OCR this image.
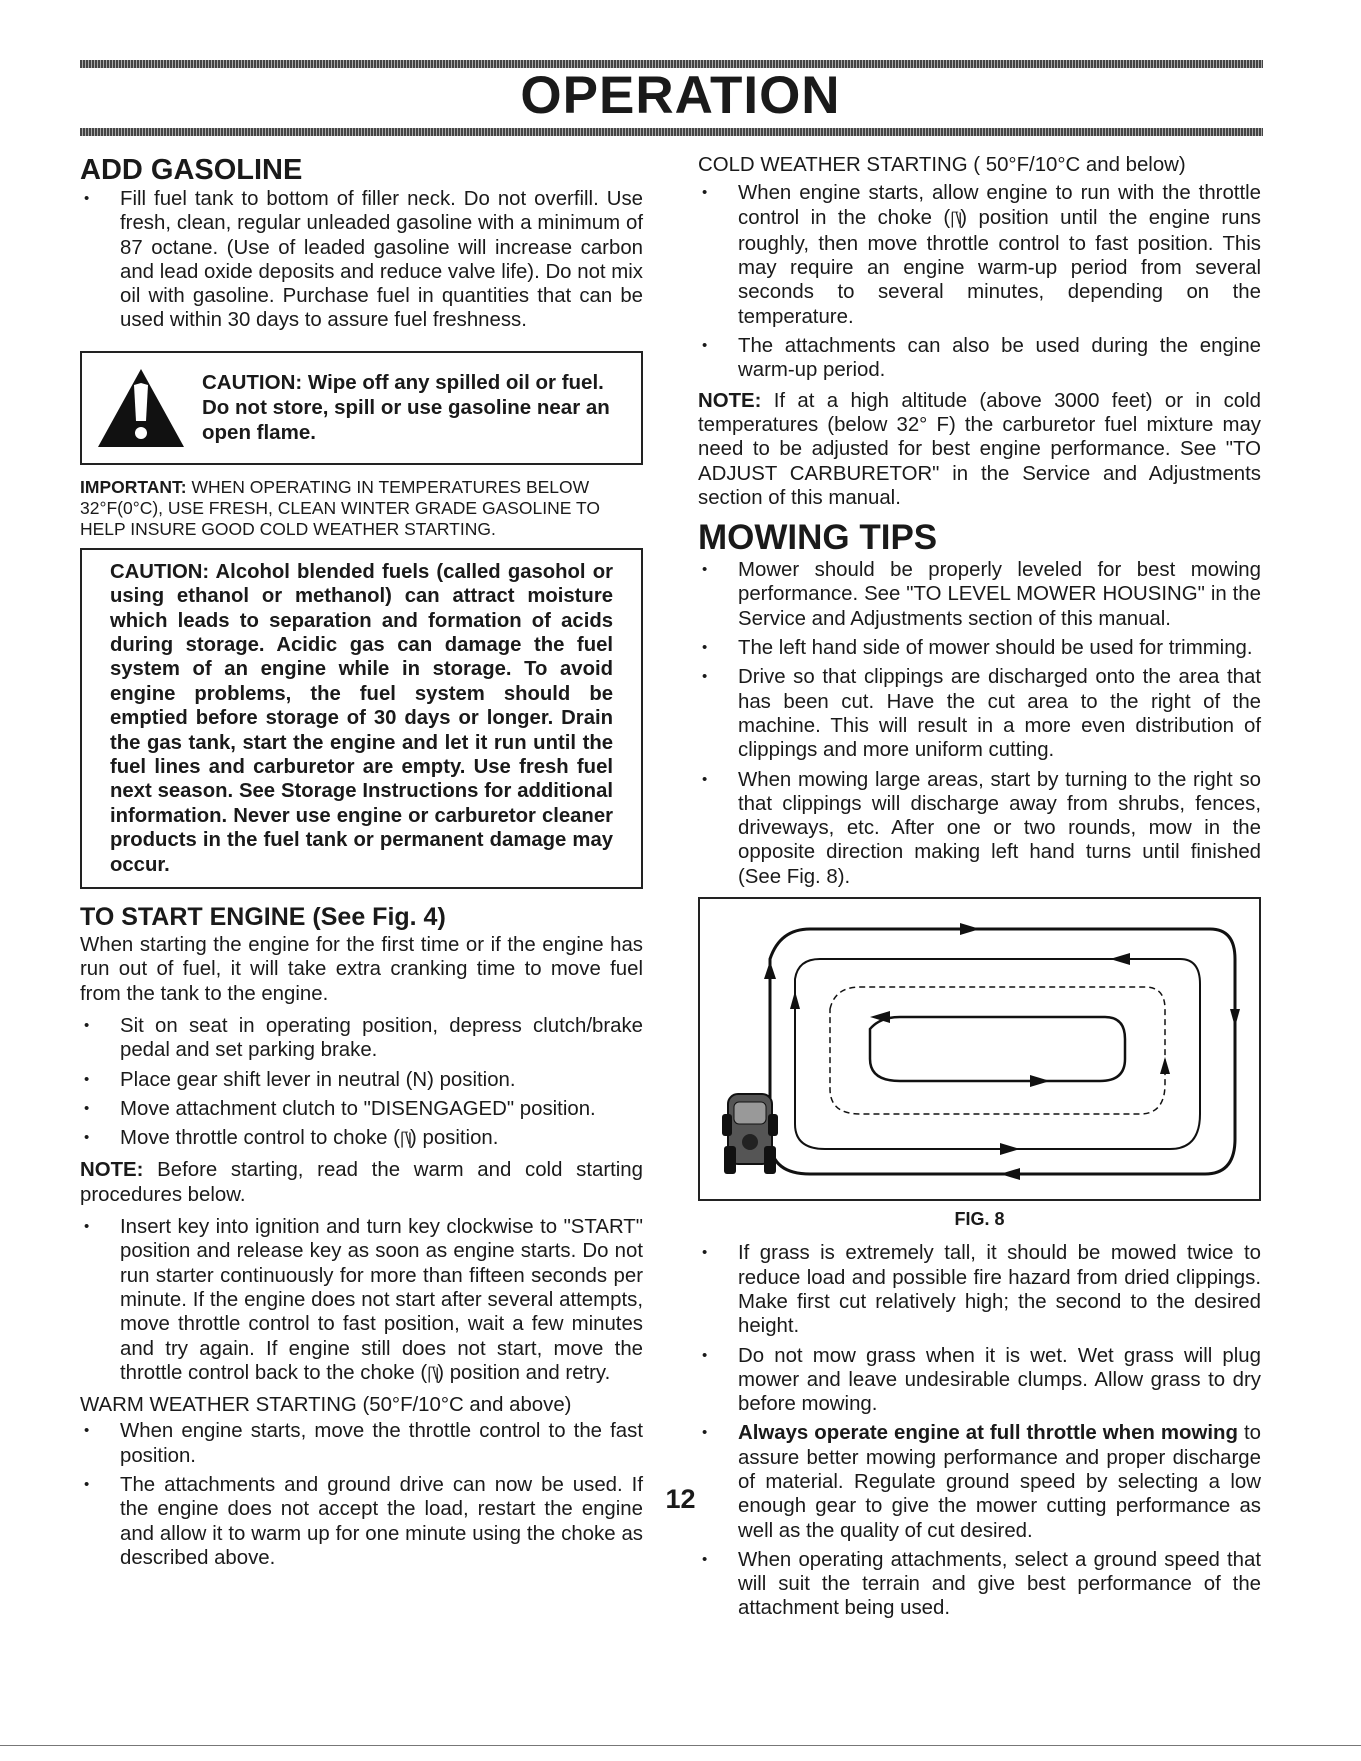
OPERATION
ADD GASOLINE
• Fill fuel tank to bottom of filler neck. Do not overfill. Use fresh, clean, regular unleaded gasoline with a minimum of 87 octane. (Use of leaded gasoline will increase carbon and lead oxide deposits and reduce valve life). Do not mix oil with gasoline. Purchase fuel in quantities that can be used within 30 days to assure fuel freshness.
CAUTION: Wipe off any spilled oil or fuel. Do not store, spill or use gasoline near an open flame.

IMPORTANT: WHEN OPERATING IN TEMPERATURES BELOW 32°F(0°C), USE FRESH, CLEAN WINTER GRADE GASOLINE TO HELP INSURE GOOD COLD WEATHER STARTING.

CAUTION: Alcohol blended fuels (called gasohol or using ethanol or methanol) can attract moisture which leads to separation and formation of acids during storage. Acidic gas can damage the fuel system of an engine while in storage. To avoid engine problems, the fuel system should be emptied before storage of 30 days or longer. Drain the gas tank, start the engine and let it run until the fuel lines and carburetor are empty. Use fresh fuel next season. See Storage Instructions for additional information. Never use engine or carburetor cleaner products in the fuel tank or permanent damage may occur.
TO START ENGINE (See Fig. 4)

When starting the engine for the first time or if the engine has run out of fuel, it will take extra cranking time to move fuel from the tank to the engine.

• Sit on seat in operating position, depress clutch/brake pedal and set parking brake.
• Place gear shift lever in neutral (N) position.
• Move attachment clutch to "DISENGAGED" position.
• Move throttle control to choke (|‾\|) position.

NOTE: Before starting, read the warm and cold starting procedures below.

• Insert key into ignition and turn key clockwise to "START" position and release key as soon as engine starts. Do not run starter continuously for more than fifteen seconds per minute. If the engine does not start after several attempts, move throttle control to fast position, wait a few minutes and try again. If engine still does not start, move the throttle control back to the choke (|‾\|) position and retry.

WARM WEATHER STARTING (50°F/10°C and above)

• When engine starts, move the throttle control to the fast position.
• The attachments and ground drive can now be used. If the engine does not accept the load, restart the engine and allow it to warm up for one minute using the choke as described above.

COLD WEATHER STARTING ( 50°F/10°C and below)

• When engine starts, allow engine to run with the throttle control in the choke (|‾\|) position until the engine runs roughly, then move throttle control to fast position. This may require an engine warm-up period from several seconds to several minutes, depending on the temperature.
• The attachments can also be used during the engine warm-up period.

NOTE: If at a high altitude (above 3000 feet) or in cold temperatures (below 32° F) the carburetor fuel mixture may need to be adjusted for best engine performance. See "TO ADJUST CARBURETOR" in the Service and Adjustments section of this manual.

MOWING TIPS
• Mower should be properly leveled for best mowing performance. See "TO LEVEL MOWER HOUSING" in the Service and Adjustments section of this manual.
• The left hand side of mower should be used for trimming.
• Drive so that clippings are discharged onto the area that has been cut. Have the cut area to the right of the machine. This will result in a more even distribution of clippings and more uniform cutting.
• When mowing large areas, start by turning to the right so that clippings will discharge away from shrubs, fences, driveways, etc. After one or two rounds, mow in the opposite direction making left hand turns until finished (See Fig. 8).
FIG. 8
• If grass is extremely tall, it should be mowed twice to reduce load and possible fire hazard from dried clippings. Make first cut relatively high; the second to the desired height.
• Do not mow grass when it is wet. Wet grass will plug mower and leave undesirable clumps. Allow grass to dry before mowing.
• Always operate engine at full throttle when mowing to assure better mowing performance and proper discharge of material. Regulate ground speed by selecting a low enough gear to give the mower cutting performance as well as the quality of cut desired.
• When operating attachments, select a ground speed that will suit the terrain and give best performance of the attachment being used.
12
